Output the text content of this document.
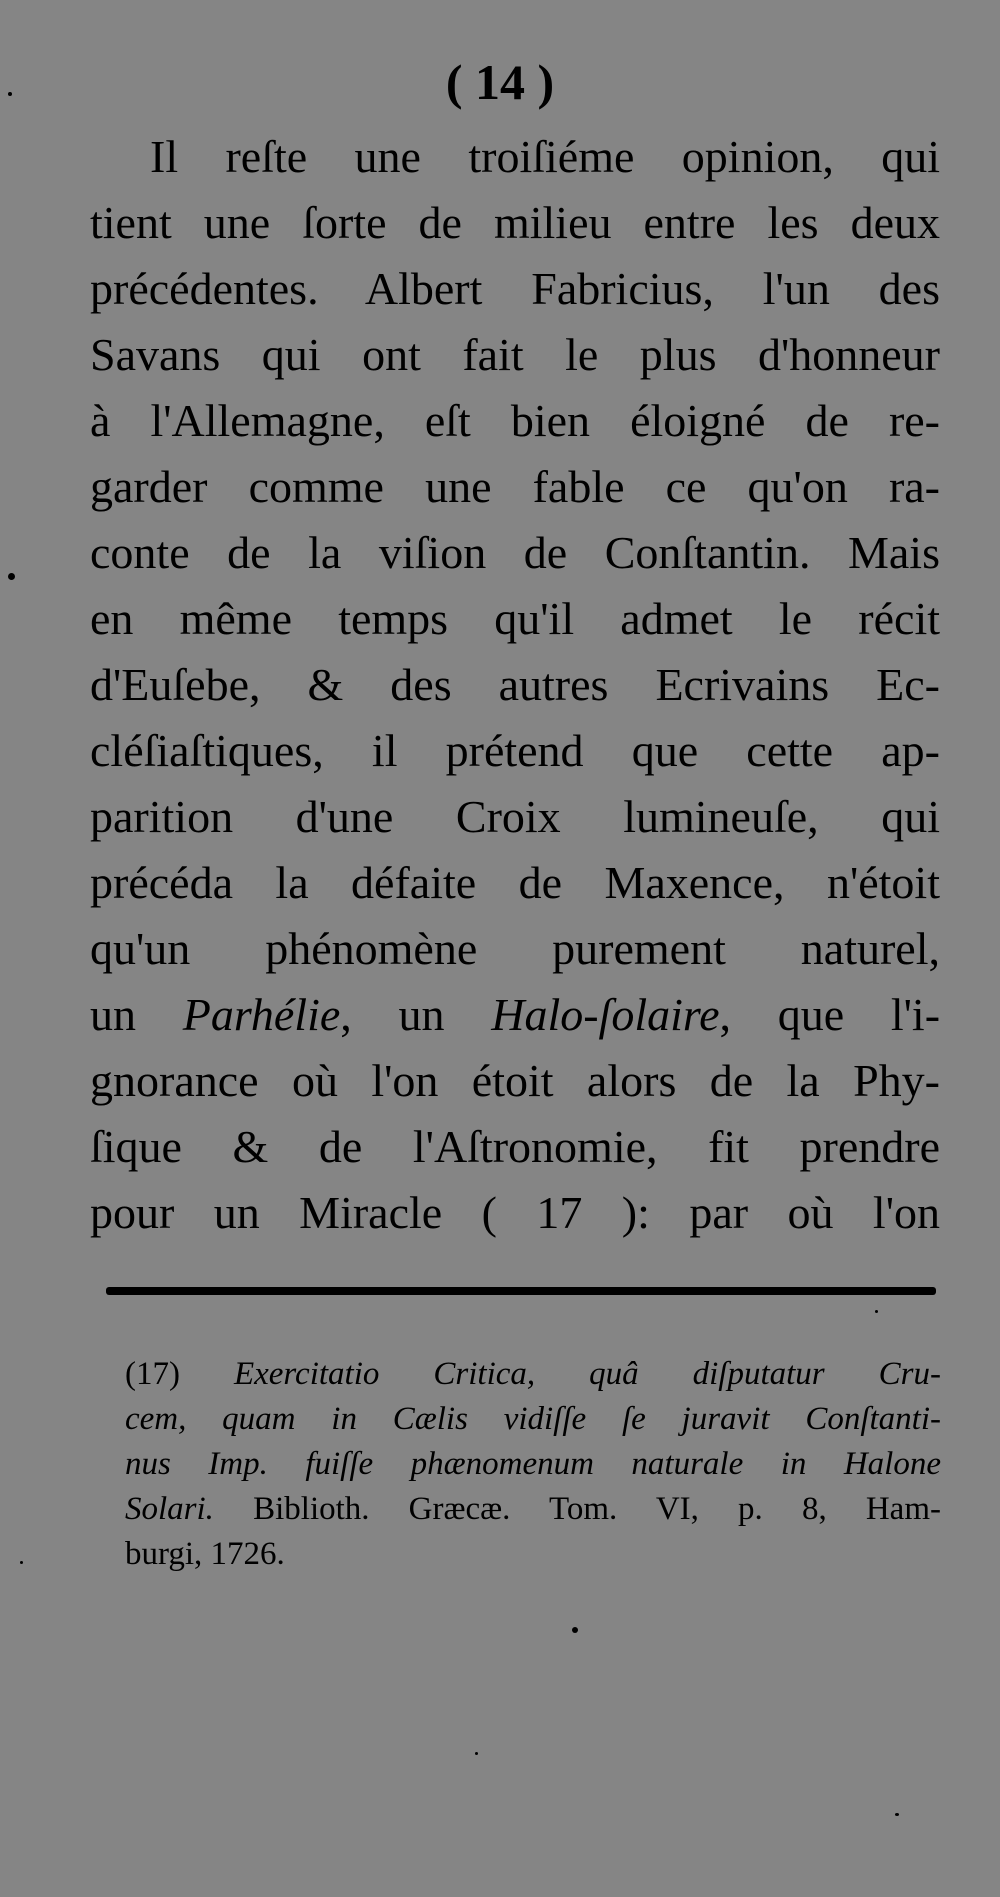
( 14 )
Il reſte une troiſiéme opinion, qui
tient une ſorte de milieu entre les deux
précédentes. Albert Fabricius, l'un des
Savans qui ont fait le plus d'honneur
à l'Allemagne, eſt bien éloigné de re-
garder comme une fable ce qu'on ra-
conte de la viſion de Conſtantin. Mais
en même temps qu'il admet le récit
d'Euſebe, & des autres Ecrivains Ec-
cléſiaſtiques, il prétend que cette ap-
parition d'une Croix lumineuſe, qui
précéda la défaite de Maxence, n'étoit
qu'un phénomène purement naturel,
un Parhélie, un Halo-ſolaire, que l'i-
gnorance où l'on étoit alors de la Phy-
ſique & de l'Aſtronomie, fit prendre
pour un Miracle ( 17 ): par où l'on
(17) Exercitatio Critica, quâ diſputatur Cru-
cem, quam in Cælis vidiſſe ſe juravit Conſtanti-
nus Imp. fuiſſe phænomenum naturale in Halone
Solari. Biblioth. Græcæ. Tom. VI, p. 8, Ham-
burgi, 1726.
